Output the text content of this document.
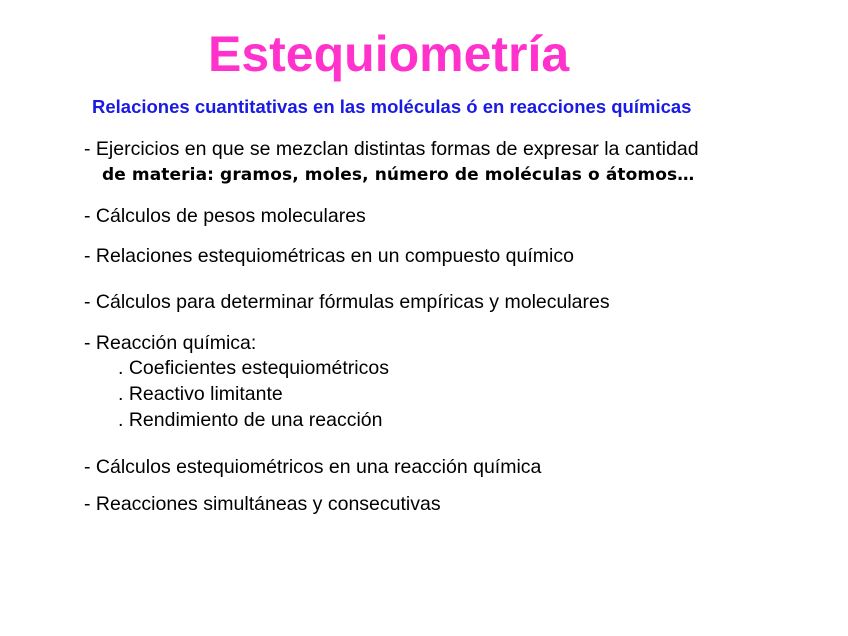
Estequiometría
Relaciones cuantitativas en las moléculas ó en reacciones químicas
- Ejercicios en que se mezclan distintas formas de expresar la cantidad
de materia: gramos, moles, número de moléculas o átomos…
- Cálculos de pesos moleculares
- Relaciones estequiométricas en un compuesto químico
- Cálculos para determinar fórmulas empíricas y moleculares
- Reacción química:
. Coeficientes estequiométricos
. Reactivo limitante
. Rendimiento de una reacción
- Cálculos estequiométricos en una reacción química
- Reacciones simultáneas y consecutivas
